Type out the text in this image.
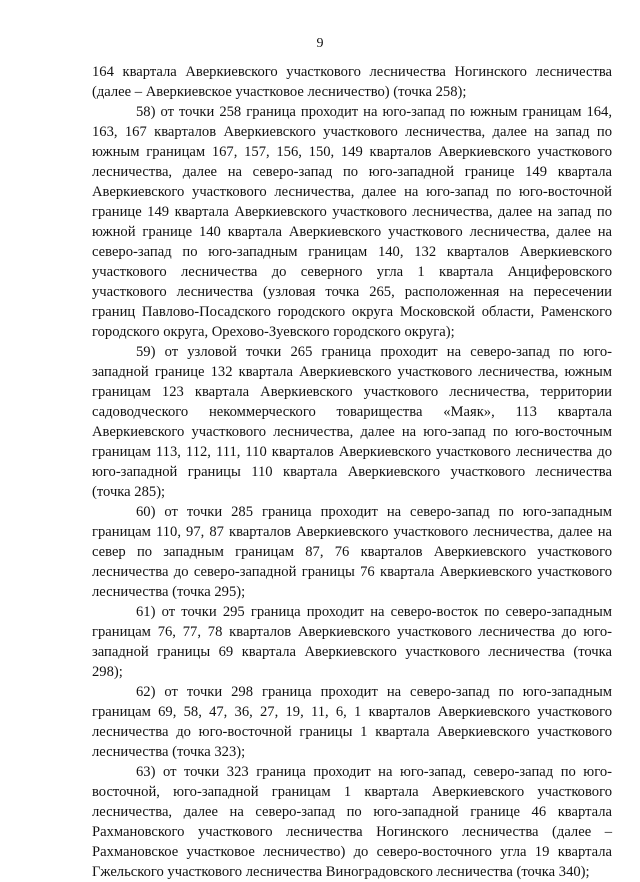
9

164 квартала Аверкиевского участкового лесничества Ногинского лесничества (далее – Аверкиевское участковое лесничество) (точка 258);

58) от точки 258 граница проходит на юго-запад по южным границам 164, 163, 167 кварталов Аверкиевского участкового лесничества, далее на запад по южным границам 167, 157, 156, 150, 149 кварталов Аверкиевского участкового лесничества, далее на северо-запад по юго-западной границе 149 квартала Аверкиевского участкового лесничества, далее на юго-запад по юго-восточной границе 149 квартала Аверкиевского участкового лесничества, далее на запад по южной границе 140 квартала Аверкиевского участкового лесничества, далее на северо-запад по юго-западным границам 140, 132 кварталов Аверкиевского участкового лесничества до северного угла 1 квартала Анциферовского участкового лесничества (узловая точка 265, расположенная на пересечении границ Павлово-Посадского городского округа Московской области, Раменского городского округа, Орехово-Зуевского городского округа);

59) от узловой точки 265 граница проходит на северо-запад по юго-западной границе 132 квартала Аверкиевского участкового лесничества, южным границам 123 квартала Аверкиевского участкового лесничества, территории садоводческого некоммерческого товарищества «Маяк», 113 квартала Аверкиевского участкового лесничества, далее на юго-запад по юго-восточным границам 113, 112, 111, 110 кварталов Аверкиевского участкового лесничества до юго-западной границы 110 квартала Аверкиевского участкового лесничества (точка 285);

60) от точки 285 граница проходит на северо-запад по юго-западным границам 110, 97, 87 кварталов Аверкиевского участкового лесничества, далее на север по западным границам 87, 76 кварталов Аверкиевского участкового лесничества до северо-западной границы 76 квартала Аверкиевского участкового лесничества (точка 295);

61) от точки 295 граница проходит на северо-восток по северо-западным границам 76, 77, 78 кварталов Аверкиевского участкового лесничества до юго-западной границы 69 квартала Аверкиевского участкового лесничества (точка 298);

62) от точки 298 граница проходит на северо-запад по юго-западным границам 69, 58, 47, 36, 27, 19, 11, 6, 1 кварталов Аверкиевского участкового лесничества до юго-восточной границы 1 квартала Аверкиевского участкового лесничества (точка 323);

63) от точки 323 граница проходит на юго-запад, северо-запад по юго-восточной, юго-западной границам 1 квартала Аверкиевского участкового лесничества, далее на северо-запад по юго-западной границе 46 квартала Рахмановского участкового лесничества Ногинского лесничества (далее – Рахмановское участковое лесничество) до северо-восточного угла 19 квартала Гжельского участкового лесничества Виноградовского лесничества (точка 340);
